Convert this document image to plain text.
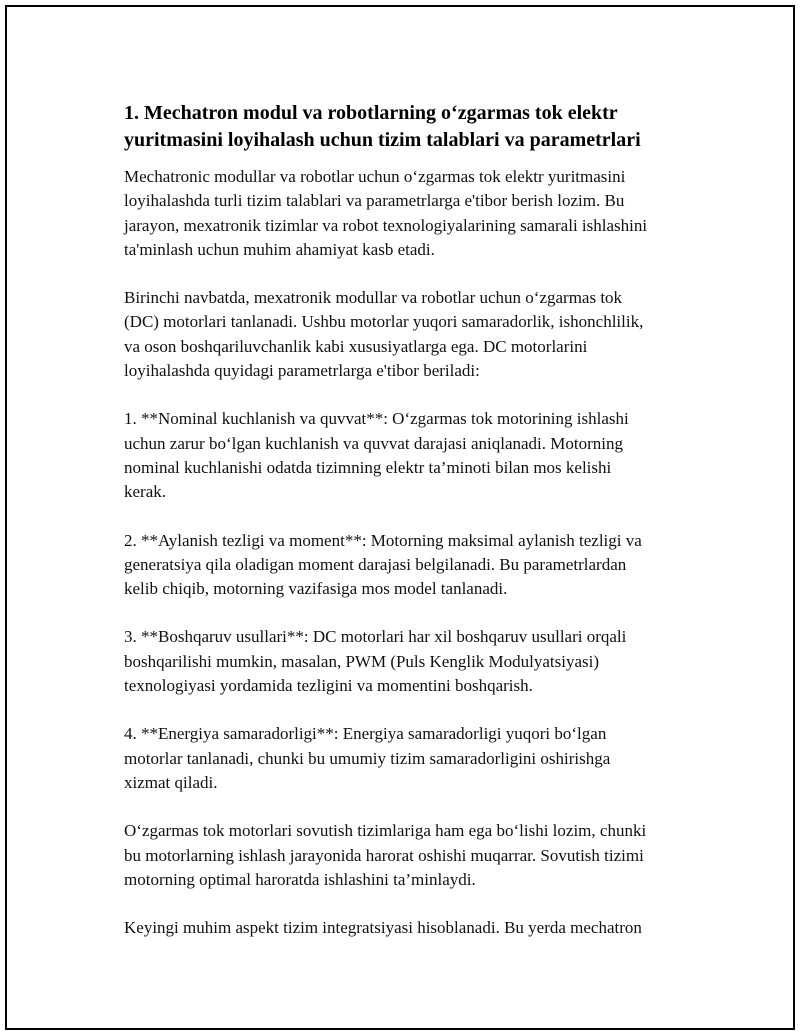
1. Mechatron modul va robotlarning o‘zgarmas tok elektr
yuritmasini loyihalash uchun tizim talablari va parametrlari

Mechatronic modullar va robotlar uchun o‘zgarmas tok elektr yuritmasini
loyihalashda turli tizim talablari va parametrlarga e'tibor berish lozim. Bu
jarayon, mexatronik tizimlar va robot texnologiyalarining samarali ishlashini
ta'minlash uchun muhim ahamiyat kasb etadi.

Birinchi navbatda, mexatronik modullar va robotlar uchun o‘zgarmas tok
(DC) motorlari tanlanadi. Ushbu motorlar yuqori samaradorlik, ishonchlilik,
va oson boshqariluvchanlik kabi xususiyatlarga ega. DC motorlarini
loyihalashda quyidagi parametrlarga e'tibor beriladi:

1. **Nominal kuchlanish va quvvat**: O‘zgarmas tok motorining ishlashi
uchun zarur bo‘lgan kuchlanish va quvvat darajasi aniqlanadi. Motorning
nominal kuchlanishi odatda tizimning elektr ta’minoti bilan mos kelishi
kerak.

2. **Aylanish tezligi va moment**: Motorning maksimal aylanish tezligi va
generatsiya qila oladigan moment darajasi belgilanadi. Bu parametrlardan
kelib chiqib, motorning vazifasiga mos model tanlanadi.

3. **Boshqaruv usullari**: DC motorlari har xil boshqaruv usullari orqali
boshqarilishi mumkin, masalan, PWM (Puls Kenglik Modulyatsiyasi)
texnologiyasi yordamida tezligini va momentini boshqarish.

4. **Energiya samaradorligi**: Energiya samaradorligi yuqori bo‘lgan
motorlar tanlanadi, chunki bu umumiy tizim samaradorligini oshirishga
xizmat qiladi.

O‘zgarmas tok motorlari sovutish tizimlariga ham ega bo‘lishi lozim, chunki
bu motorlarning ishlash jarayonida harorat oshishi muqarrar. Sovutish tizimi
motorning optimal haroratda ishlashini ta’minlaydi.

Keyingi muhim aspekt tizim integratsiyasi hisoblanadi. Bu yerda mechatron
